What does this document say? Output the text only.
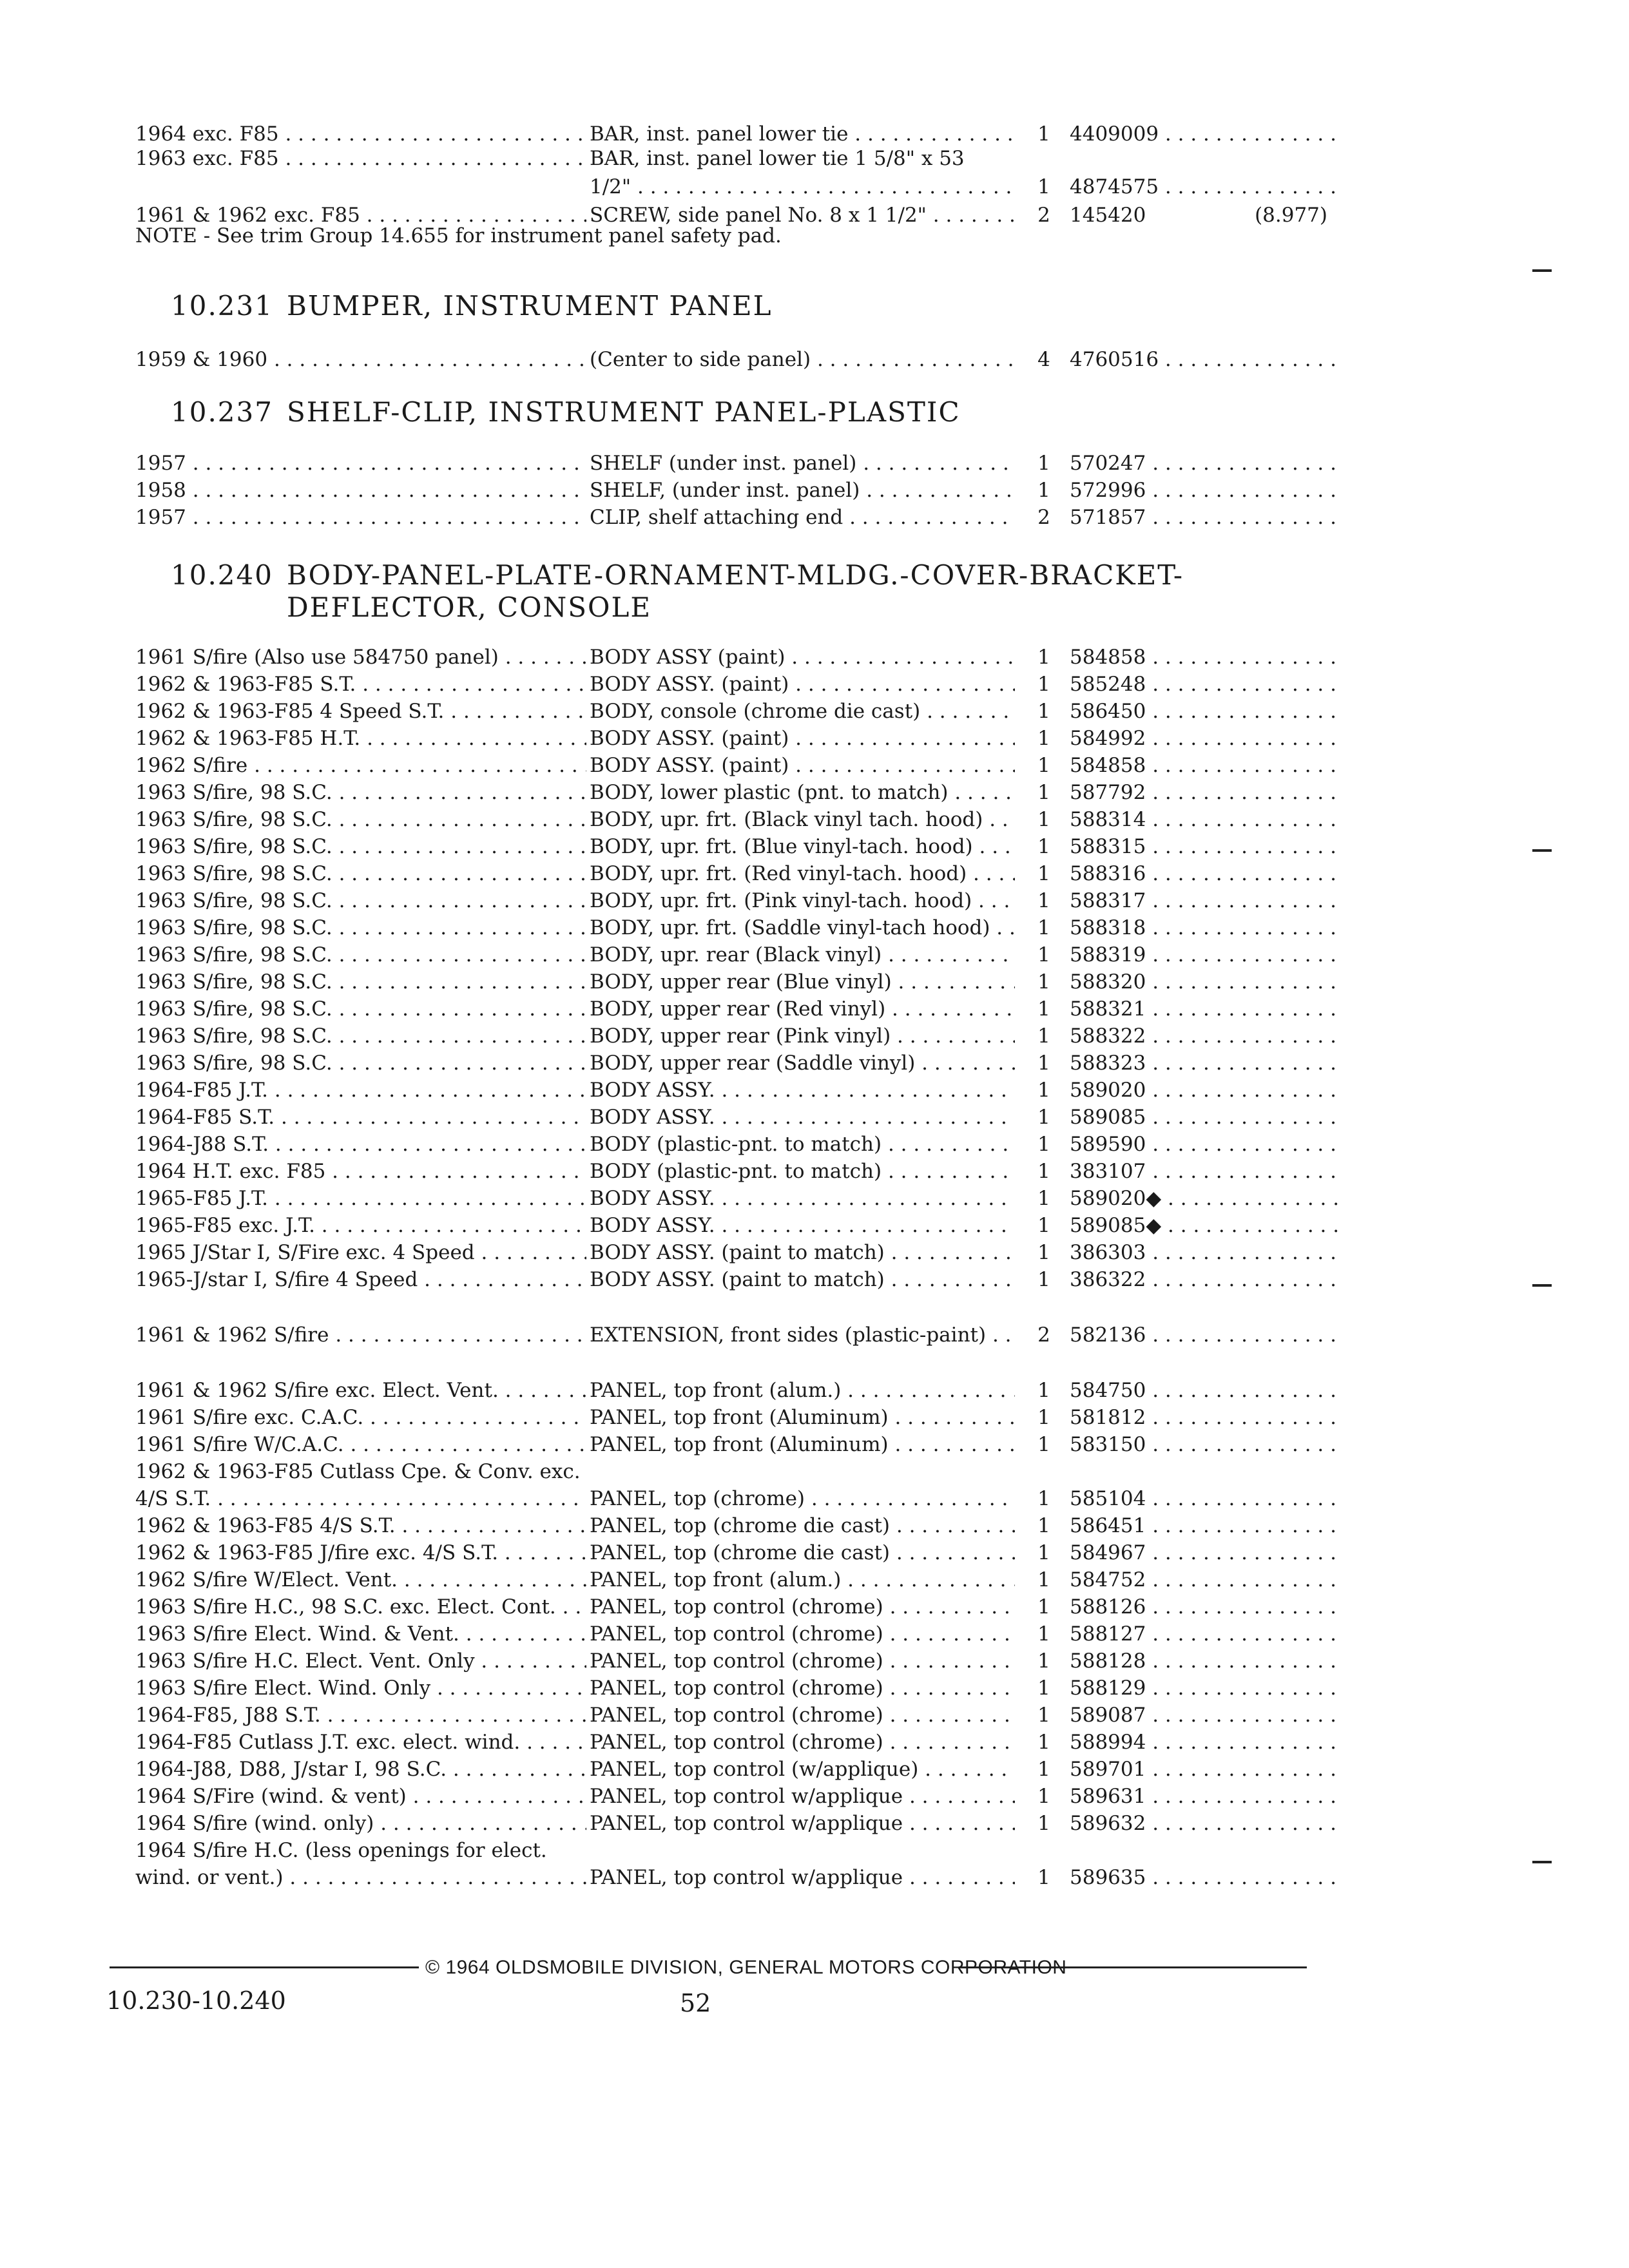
1964 exc. F85 . . .	BAR, inst. panel lower tie . . .	1 4409009 . . .
1963 exc. F85 . . .	BAR, inst. panel lower tie 1 5/8" x 53
1/2" . . .	1 4874575 . . .
1961 & 1962 exc. F85 . . .	SCREW, side panel No. 8 x 1 1/2" . . .	2 145420	(8.977)
NOTE - See trim Group 14.655 for instrument panel safety pad.
10.231 BUMPER, INSTRUMENT PANEL
1959 & 1960 . . .	(Center to side panel) . . .	4 4760516 . . .
10.237 SHELF-CLIP, INSTRUMENT PANEL-PLASTIC
1957 . . .	SHELF (under inst. panel) . . .	1 570247 . . .
1958 . . .	SHELF, (under inst. panel) . . .	1 572996 . . .
1957 . . .	CLIP, shelf attaching end . . .	2 571857 . . .
10.240 BODY-PANEL-PLATE-ORNAMENT-MLDG.-COVER-BRACKET-
DEFLECTOR, CONSOLE
1961 S/fire (Also use 584750 panel) . . .	BODY ASSY (paint) . . .	1 584858 . . .
1962 & 1963-F85 S.T. . . .	BODY ASSY. (paint) . . .	1 585248 . . .
1962 & 1963-F85 4 Speed S.T. . . .	BODY, console (chrome die cast) . . .	1 586450 . . .
1962 & 1963-F85 H.T. . . .	BODY ASSY. (paint) . . .	1 584992 . . .
1962 S/fire . . .	BODY ASSY. (paint) . . .	1 584858 . . .
1963 S/fire, 98 S.C. . . .	BODY, lower plastic (pnt. to match) . . .	1 587792 . . .
1963 S/fire, 98 S.C. . . .	BODY, upr. frt. (Black vinyl tach. hood) . . .	1 588314 . . .
1963 S/fire, 98 S.C. . . .	BODY, upr. frt. (Blue vinyl-tach. hood) . . .	1 588315 . . .
1963 S/fire, 98 S.C. . . .	BODY, upr. frt. (Red vinyl-tach. hood) . . .	1 588316 . . .
1963 S/fire, 98 S.C. . . .	BODY, upr. frt. (Pink vinyl-tach. hood) . . .	1 588317 . . .
1963 S/fire, 98 S.C. . . .	BODY, upr. frt. (Saddle vinyl-tach hood) . . .	1 588318 . . .
1963 S/fire, 98 S.C. . . .	BODY, upr. rear (Black vinyl) . . .	1 588319 . . .
1963 S/fire, 98 S.C. . . .	BODY, upper rear (Blue vinyl) . . .	1 588320 . . .
1963 S/fire, 98 S.C. . . .	BODY, upper rear (Red vinyl) . . .	1 588321 . . .
1963 S/fire, 98 S.C. . . .	BODY, upper rear (Pink vinyl) . . .	1 588322 . . .
1963 S/fire, 98 S.C. . . .	BODY, upper rear (Saddle vinyl) . . .	1 588323 . . .
1964-F85 J.T. . . .	BODY ASSY. . . .	1 589020 . . .
1964-F85 S.T. . . .	BODY ASSY. . . .	1 589085 . . .
1964-J88 S.T. . . .	BODY (plastic-pnt. to match) . . .	1 589590 . . .
1964 H.T. exc. F85 . . .	BODY (plastic-pnt. to match) . . .	1 383107 . . .
1965-F85 J.T. . . .	BODY ASSY. . . .	1 589020◆ . . .
1965-F85 exc. J.T. . . .	BODY ASSY. . . .	1 589085◆ . . .
1965 J/Star I, S/Fire exc. 4 Speed . . .	BODY ASSY. (paint to match) . . .	1 386303 . . .
1965-J/star I, S/fire 4 Speed . . .	BODY ASSY. (paint to match) . . .	1 386322 . . .
1961 & 1962 S/fire . . .	EXTENSION, front sides (plastic-paint) . . .	2 582136 . . .
1961 & 1962 S/fire exc. Elect. Vent. . . .	PANEL, top front (alum.) . . .	1 584750 . . .
1961 S/fire exc. C.A.C. . . .	PANEL, top front (Aluminum) . . .	1 581812 . . .
1961 S/fire W/C.A.C. . . .	PANEL, top front (Aluminum) . . .	1 583150 . . .
1962 & 1963-F85 Cutlass Cpe. & Conv. exc.
4/S S.T. . . .	PANEL, top (chrome) . . .	1 585104 . . .
1962 & 1963-F85 4/S S.T. . . .	PANEL, top (chrome die cast) . . .	1 586451 . . .
1962 & 1963-F85 J/fire exc. 4/S S.T. . . .	PANEL, top (chrome die cast) . . .	1 584967 . . .
1962 S/fire W/Elect. Vent. . . .	PANEL, top front (alum.) . . .	1 584752 . . .
1963 S/fire H.C., 98 S.C. exc. Elect. Cont. . . .	PANEL, top control (chrome) . . .	1 588126 . . .
1963 S/fire Elect. Wind. & Vent. . . .	PANEL, top control (chrome) . . .	1 588127 . . .
1963 S/fire H.C. Elect. Vent. Only . . .	PANEL, top control (chrome) . . .	1 588128 . . .
1963 S/fire Elect. Wind. Only . . .	PANEL, top control (chrome) . . .	1 588129 . . .
1964-F85, J88 S.T. . . .	PANEL, top control (chrome) . . .	1 589087 . . .
1964-F85 Cutlass J.T. exc. elect. wind. . . .	PANEL, top control (chrome) . . .	1 588994 . . .
1964-J88, D88, J/star I, 98 S.C. . . .	PANEL, top control (w/applique) . . .	1 589701 . . .
1964 S/Fire (wind. & vent) . . .	PANEL, top control w/applique . . .	1 589631 . . .
1964 S/fire (wind. only) . . .	PANEL, top control w/applique . . .	1 589632 . . .
1964 S/fire H.C. (less openings for elect.
wind. or vent.) . . .	PANEL, top control w/applique . . .	1 589635 . . .
© 1964 OLDSMOBILE DIVISION, GENERAL MOTORS CORPORATION
10.230-10.240	52
